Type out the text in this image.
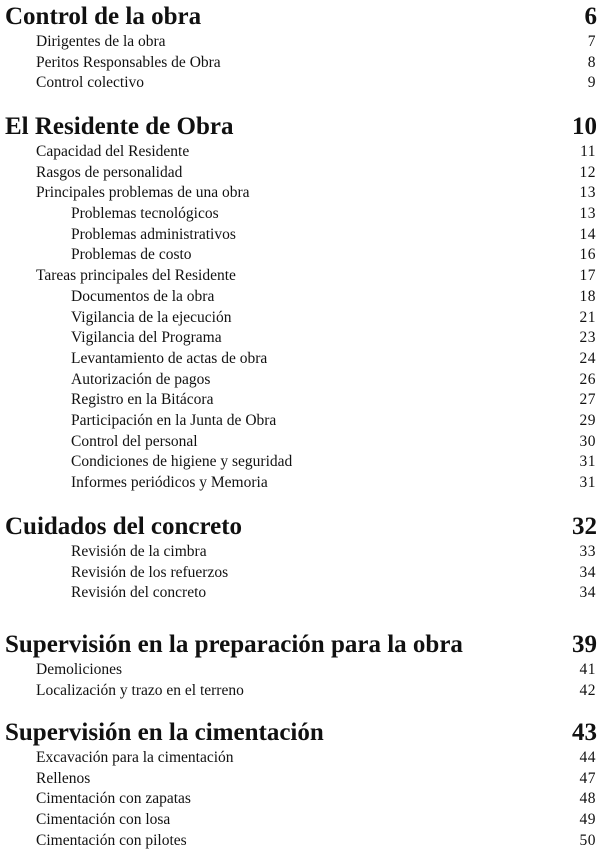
Control de la obra	6
Dirigentes de la obra	7
Peritos Responsables de Obra	8
Control colectivo	9
El Residente de Obra	10
Capacidad del Residente	11
Rasgos de personalidad	12
Principales problemas de una obra	13
Problemas tecnológicos	13
Problemas administrativos	14
Problemas de costo	16
Tareas principales del Residente	17
Documentos de la obra	18
Vigilancia de la ejecución	21
Vigilancia del Programa	23
Levantamiento de actas de obra	24
Autorización de pagos	26
Registro en la Bitácora	27
Participación en la Junta de Obra	29
Control del personal	30
Condiciones de higiene y seguridad	31
Informes periódicos y Memoria	31
Cuidados del concreto	32
Revisión de la cimbra	33
Revisión de los refuerzos	34
Revisión del concreto	34
Supervisión en la preparación para la obra	39
Demoliciones	41
Localización y trazo en el terreno	42
Supervisión en la cimentación	43
Excavación para la cimentación	44
Rellenos	47
Cimentación con zapatas	48
Cimentación con losa	49
Cimentación con pilotes	50
